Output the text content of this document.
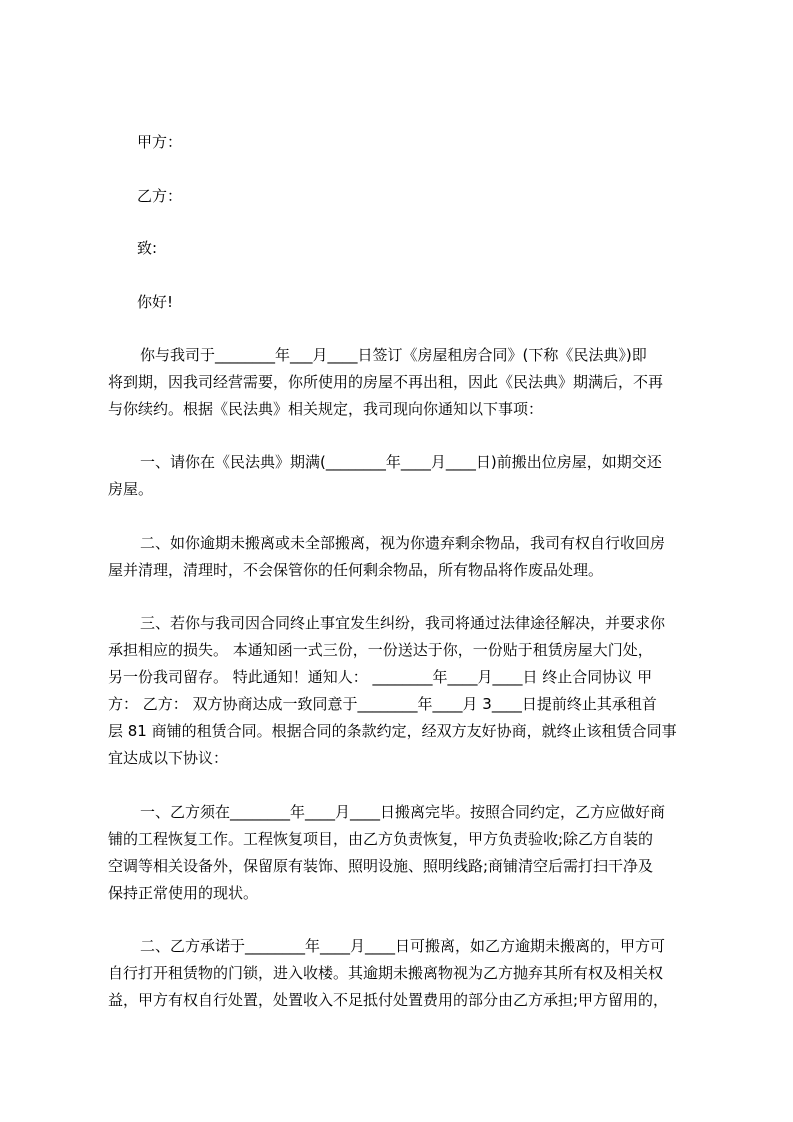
甲方：
乙方：
致:
你好!
你与我司于________年___月____日签订《房屋租房合同》(下称《民法典》)即
将到期，因我司经营需要，你所使用的房屋不再出租，因此《民法典》期满后，不再
与你续约。根据《民法典》相关规定，我司现向你通知以下事项：
一、请你在《民法典》期满(________年____月____日)前搬出位房屋，如期交还
房屋。
二、如你逾期未搬离或未全部搬离，视为你遗弃剩余物品，我司有权自行收回房
屋并清理，清理时，不会保管你的任何剩余物品，所有物品将作废品处理。
三、若你与我司因合同终止事宜发生纠纷，我司将通过法律途径解决，并要求你
承担相应的损失。 本通知函一式三份，一份送达于你，一份贴于租赁房屋大门处，
另一份我司留存。 特此通知！通知人： ________年____月____日 终止合同协议 甲
方： 乙方： 双方协商达成一致同意于________年____月 3____日提前终止其承租首
层 81 商铺的租赁合同。根据合同的条款约定，经双方友好协商，就终止该租赁合同事
宜达成以下协议：
一、乙方须在________年____月____日搬离完毕。按照合同约定，乙方应做好商
铺的工程恢复工作。工程恢复项目，由乙方负责恢复，甲方负责验收;除乙方自装的
空调等相关设备外，保留原有装饰、照明设施、照明线路;商铺清空后需打扫干净及
保持正常使用的现状。
二、乙方承诺于________年____月____日可搬离，如乙方逾期未搬离的，甲方可
自行打开租赁物的门锁，进入收楼。其逾期未搬离物视为乙方抛弃其所有权及相关权
益，甲方有权自行处置，处置收入不足抵付处置费用的部分由乙方承担;甲方留用的，
